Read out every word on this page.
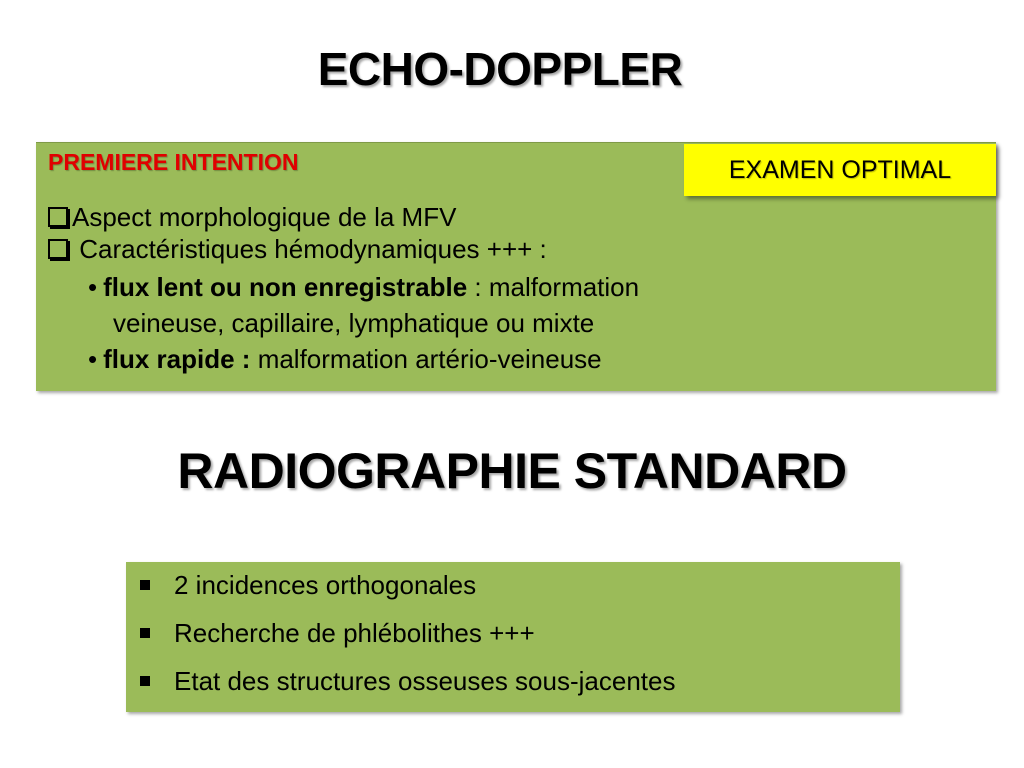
ECHO-DOPPLER
PREMIERE INTENTION
Aspect morphologique de la MFV
Caractéristiques hémodynamiques +++ :
• flux lent ou non enregistrable : malformation
veineuse, capillaire, lymphatique ou mixte
• flux rapide : malformation artério-veineuse
EXAMEN OPTIMAL
RADIOGRAPHIE STANDARD
2 incidences orthogonales
Recherche de phlébolithes +++
Etat des structures osseuses sous-jacentes
